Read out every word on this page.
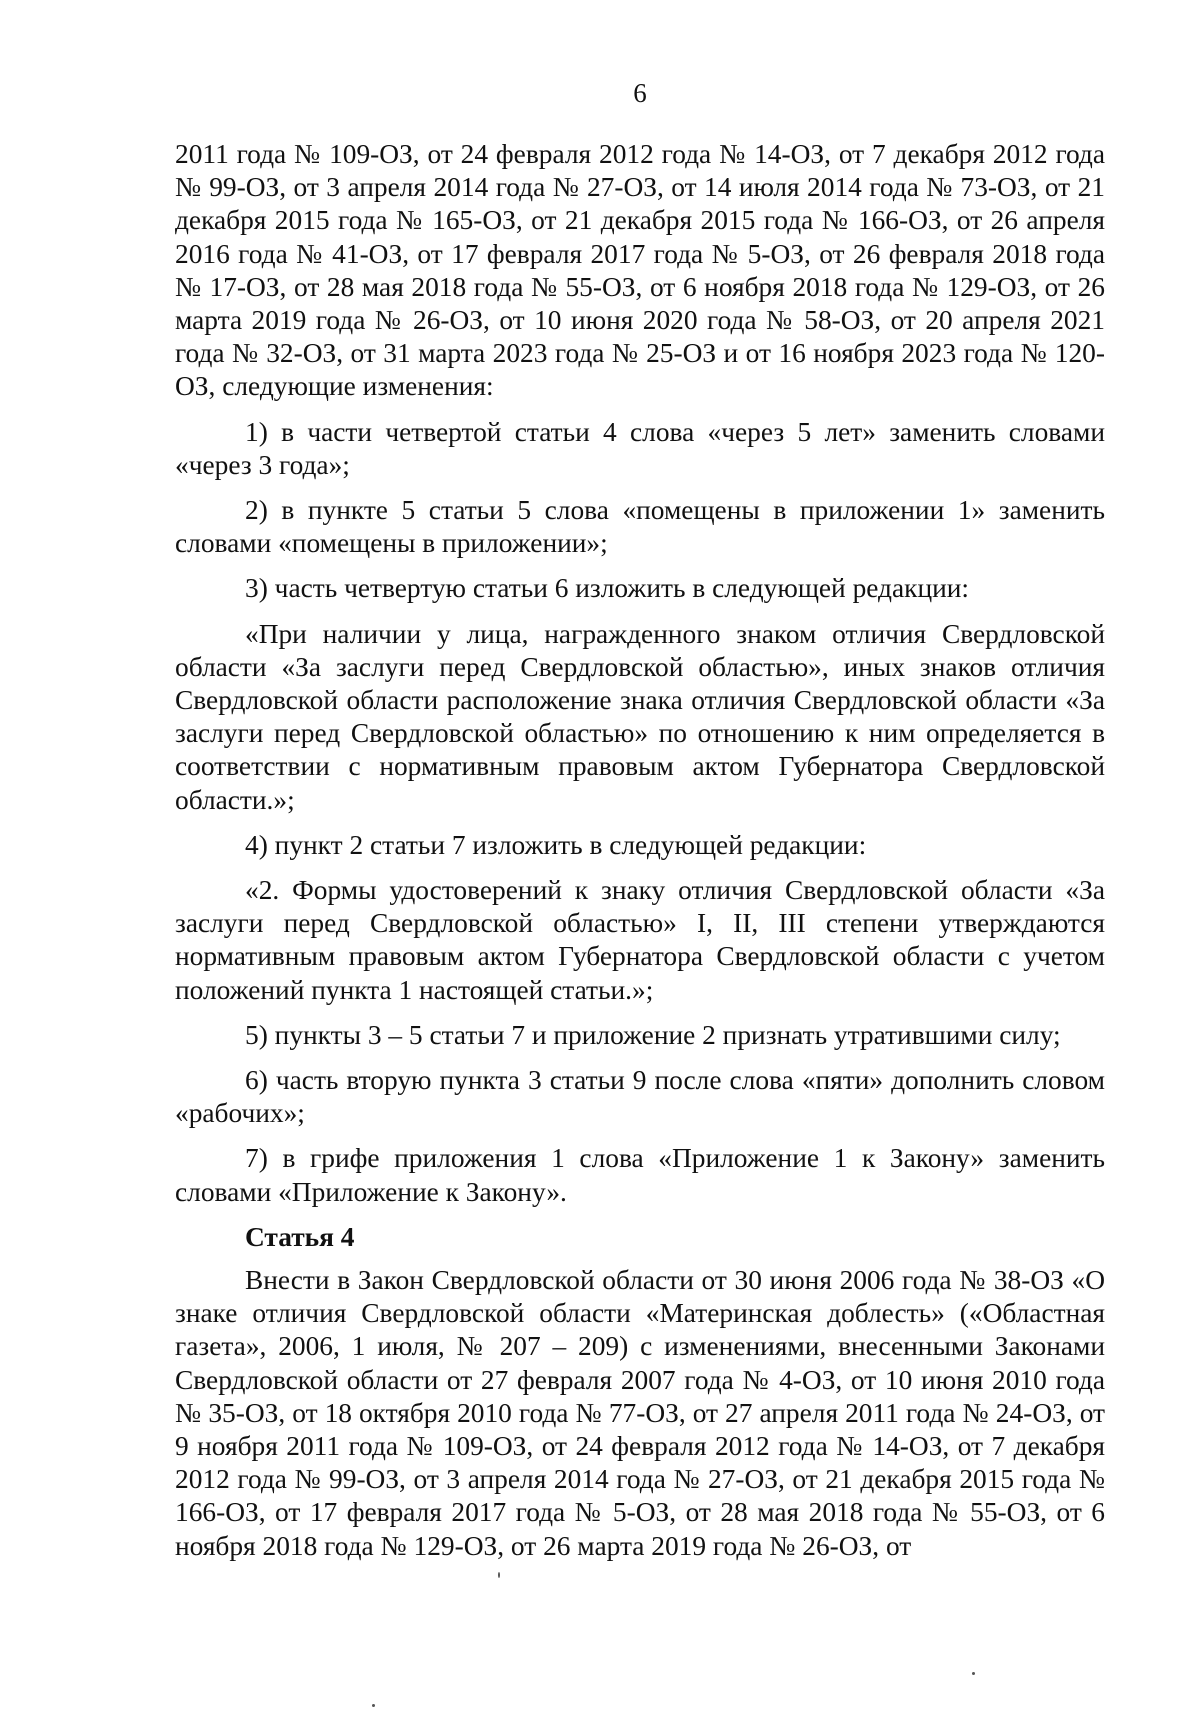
6

2011 года № 109-ОЗ, от 24 февраля 2012 года № 14-ОЗ, от 7 декабря 2012 года № 99-ОЗ, от 3 апреля 2014 года № 27-ОЗ, от 14 июля 2014 года № 73-ОЗ, от 21 декабря 2015 года № 165-ОЗ, от 21 декабря 2015 года № 166-ОЗ, от 26 апреля 2016 года № 41-ОЗ, от 17 февраля 2017 года № 5-ОЗ, от 26 февраля 2018 года № 17-ОЗ, от 28 мая 2018 года № 55-ОЗ, от 6 ноября 2018 года № 129-ОЗ, от 26 марта 2019 года № 26-ОЗ, от 10 июня 2020 года № 58-ОЗ, от 20 апреля 2021 года № 32-ОЗ, от 31 марта 2023 года № 25-ОЗ и от 16 ноября 2023 года № 120-ОЗ, следующие изменения:

1) в части четвертой статьи 4 слова «через 5 лет» заменить словами «через 3 года»;

2) в пункте 5 статьи 5 слова «помещены в приложении 1» заменить словами «помещены в приложении»;

3) часть четвертую статьи 6 изложить в следующей редакции:

«При наличии у лица, награжденного знаком отличия Свердловской области «За заслуги перед Свердловской областью», иных знаков отличия Свердловской области расположение знака отличия Свердловской области «За заслуги перед Свердловской областью» по отношению к ним определяется в соответствии с нормативным правовым актом Губернатора Свердловской области.»;

4) пункт 2 статьи 7 изложить в следующей редакции:

«2. Формы удостоверений к знаку отличия Свердловской области «За заслуги перед Свердловской областью» I, II, III степени утверждаются нормативным правовым актом Губернатора Свердловской области с учетом положений пункта 1 настоящей статьи.»;

5) пункты 3 – 5 статьи 7 и приложение 2 признать утратившими силу;

6) часть вторую пункта 3 статьи 9 после слова «пяти» дополнить словом «рабочих»;

7) в грифе приложения 1 слова «Приложение 1 к Закону» заменить словами «Приложение к Закону».

Статья 4

Внести в Закон Свердловской области от 30 июня 2006 года № 38-ОЗ «О знаке отличия Свердловской области «Материнская доблесть» («Областная газета», 2006, 1 июля, № 207 – 209) с изменениями, внесенными Законами Свердловской области от 27 февраля 2007 года № 4-ОЗ, от 10 июня 2010 года № 35-ОЗ, от 18 октября 2010 года № 77-ОЗ, от 27 апреля 2011 года № 24-ОЗ, от 9 ноября 2011 года № 109-ОЗ, от 24 февраля 2012 года № 14-ОЗ, от 7 декабря 2012 года № 99-ОЗ, от 3 апреля 2014 года № 27-ОЗ, от 21 декабря 2015 года № 166-ОЗ, от 17 февраля 2017 года № 5-ОЗ, от 28 мая 2018 года № 55-ОЗ, от 6 ноября 2018 года № 129-ОЗ, от 26 марта 2019 года № 26-ОЗ, от
